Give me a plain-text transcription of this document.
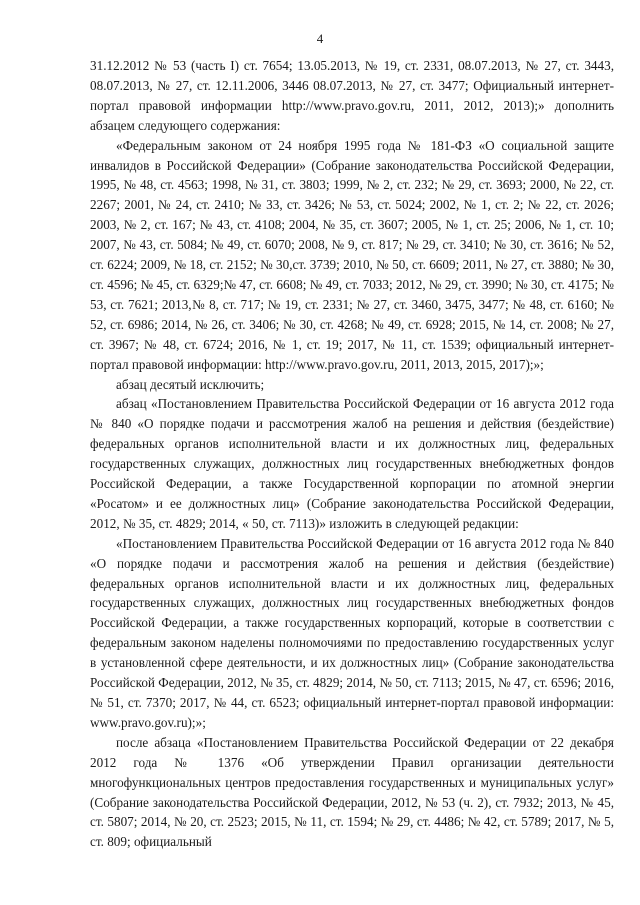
4

31.12.2012 № 53 (часть I) ст. 7654; 13.05.2013, № 19, ст. 2331, 08.07.2013, № 27, ст. 3443, 08.07.2013, № 27, ст. 12.11.2006, 3446 08.07.2013, № 27, ст. 3477; Официальный интернет-портал правовой информации http://www.pravo.gov.ru, 2011, 2012, 2013);» дополнить абзацем следующего содержания:

«Федеральным законом от 24 ноября 1995 года № 181-ФЗ «О социальной защите инвалидов в Российской Федерации» (Собрание законодательства Российской Федерации, 1995, № 48, ст. 4563; 1998, № 31, ст. 3803; 1999, № 2, ст. 232; № 29, ст. 3693; 2000, № 22, ст. 2267; 2001, № 24, ст. 2410; № 33, ст. 3426; № 53, ст. 5024; 2002, № 1, ст. 2; № 22, ст. 2026; 2003, № 2, ст. 167; № 43, ст. 4108; 2004, № 35, ст. 3607; 2005, № 1, ст. 25; 2006, № 1, ст. 10; 2007, № 43, ст. 5084; № 49, ст. 6070; 2008, № 9, ст. 817; № 29, ст. 3410; № 30, ст. 3616; № 52, ст. 6224; 2009, № 18, ст. 2152; № 30,ст. 3739; 2010, № 50, ст. 6609; 2011, № 27, ст. 3880; № 30, ст. 4596; № 45, ст. 6329;№ 47, ст. 6608; № 49, ст. 7033; 2012, № 29, ст. 3990; № 30, ст. 4175; № 53, ст. 7621; 2013,№ 8, ст. 717; № 19, ст. 2331; № 27, ст. 3460, 3475, 3477; № 48, ст. 6160; № 52, ст. 6986; 2014, № 26, ст. 3406; № 30, ст. 4268; № 49, ст. 6928; 2015, № 14, ст. 2008; № 27, ст. 3967; № 48, ст. 6724; 2016, № 1, ст. 19; 2017, № 11, ст. 1539; официальный интернет-портал правовой информации: http://www.pravo.gov.ru, 2011, 2013, 2015, 2017);»;

абзац десятый исключить;

абзац «Постановлением Правительства Российской Федерации от 16 августа 2012 года № 840 «О порядке подачи и рассмотрения жалоб на решения и действия (бездействие) федеральных органов исполнительной власти и их должностных лиц, федеральных государственных служащих, должностных лиц государственных внебюджетных фондов Российской Федерации, а также Государственной корпорации по атомной энергии «Росатом» и ее должностных лиц» (Собрание законодательства Российской Федерации, 2012, № 35, ст. 4829; 2014, « 50, ст. 7113)» изложить в следующей редакции:

«Постановлением Правительства Российской Федерации от 16 августа 2012 года № 840 «О порядке подачи и рассмотрения жалоб на решения и действия (бездействие) федеральных органов исполнительной власти и их должностных лиц, федеральных государственных служащих, должностных лиц государственных внебюджетных фондов Российской Федерации, а также государственных корпораций, которые в соответствии с федеральным законом наделены полномочиями по предоставлению государственных услуг в установленной сфере деятельности, и их должностных лиц» (Собрание законодательства Российской Федерации, 2012, № 35, ст. 4829; 2014, № 50, ст. 7113; 2015, № 47, ст. 6596; 2016, № 51, ст. 7370; 2017, № 44, ст. 6523; официальный интернет-портал правовой информации: www.pravo.gov.ru);»;

после абзаца «Постановлением Правительства Российской Федерации от 22 декабря 2012 года № 1376 «Об утверждении Правил организации деятельности многофункциональных центров предоставления государственных и муниципальных услуг» (Собрание законодательства Российской Федерации, 2012, № 53 (ч. 2), ст. 7932; 2013, № 45, ст. 5807; 2014, № 20, ст. 2523; 2015, № 11, ст. 1594; № 29, ст. 4486; № 42, ст. 5789; 2017, № 5, ст. 809; официальный
